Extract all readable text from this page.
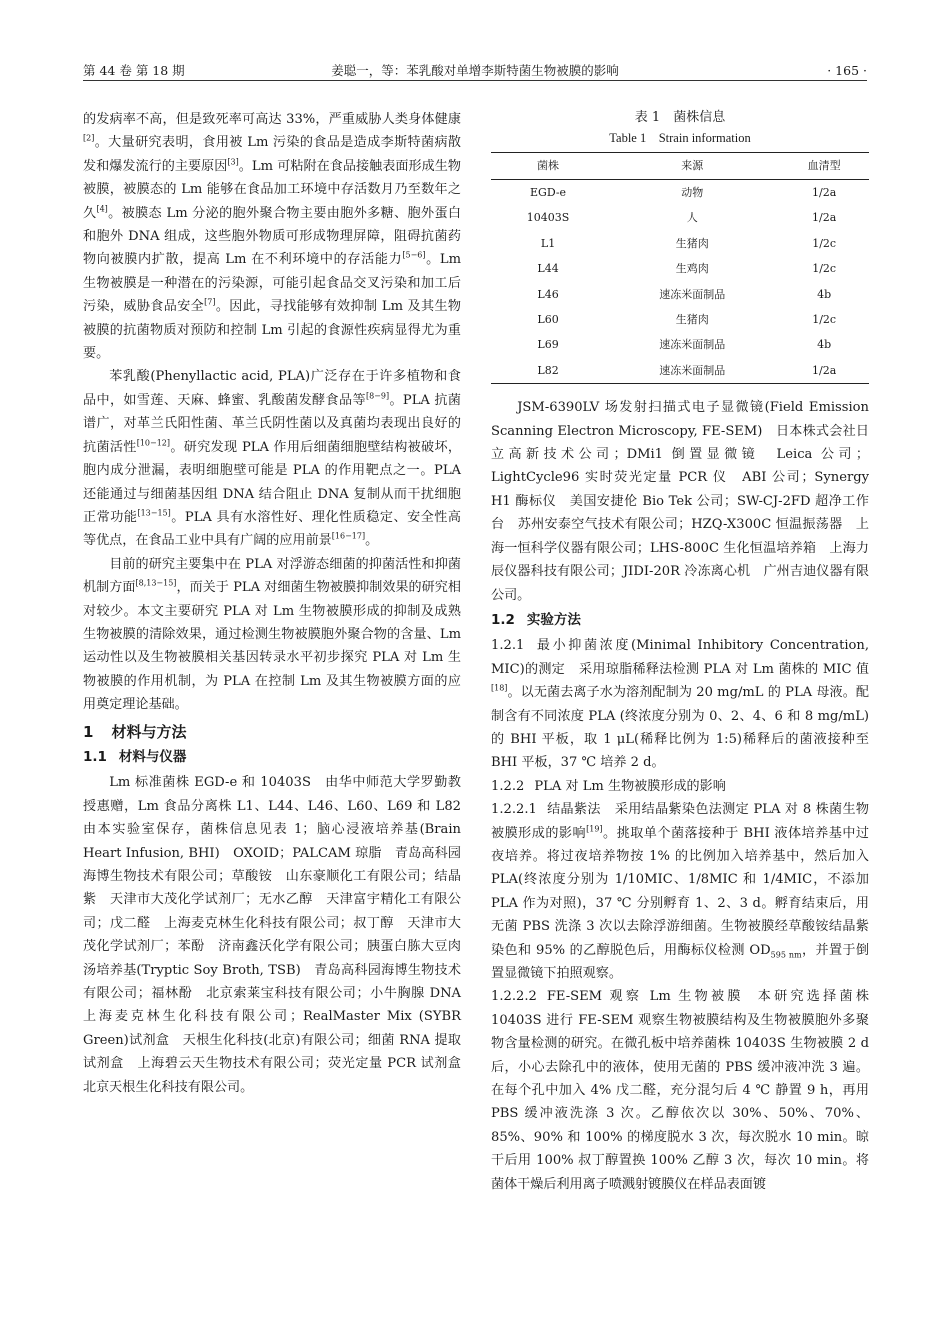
第 44 卷 第 18 期	姜聪一，等：苯乳酸对单增李斯特菌生物被膜的影响	· 165 ·

的发病率不高，但是致死率可高达 33%，严重威胁人类身体健康[2]。大量研究表明，食用被 Lm 污染的食品是造成李斯特菌病散发和爆发流行的主要原因[3]。Lm 可粘附在食品接触表面形成生物被膜，被膜态的 Lm 能够在食品加工环境中存活数月乃至数年之久[4]。被膜态 Lm 分泌的胞外聚合物主要由胞外多糖、胞外蛋白和胞外 DNA 组成，这些胞外物质可形成物理屏障，阻碍抗菌药物向被膜内扩散，提高 Lm 在不利环境中的存活能力[5−6]。Lm 生物被膜是一种潜在的污染源，可能引起食品交叉污染和加工后污染，威胁食品安全[7]。因此，寻找能够有效抑制 Lm 及其生物被膜的抗菌物质对预防和控制 Lm 引起的食源性疾病显得尤为重要。

苯乳酸(Phenyllactic acid, PLA)广泛存在于许多植物和食品中，如雪莲、天麻、蜂蜜、乳酸菌发酵食品等[8−9]。PLA 抗菌谱广，对革兰氏阳性菌、革兰氏阴性菌以及真菌均表现出良好的抗菌活性[10−12]。研究发现 PLA 作用后细菌细胞壁结构被破坏，胞内成分泄漏，表明细胞壁可能是 PLA 的作用靶点之一。PLA 还能通过与细菌基因组 DNA 结合阻止 DNA 复制从而干扰细胞正常功能[13−15]。PLA 具有水溶性好、理化性质稳定、安全性高等优点，在食品工业中具有广阔的应用前景[16−17]。

目前的研究主要集中在 PLA 对浮游态细菌的抑菌活性和抑菌机制方面[8,13−15]，而关于 PLA 对细菌生物被膜抑制效果的研究相对较少。本文主要研究 PLA 对 Lm 生物被膜形成的抑制及成熟生物被膜的清除效果，通过检测生物被膜胞外聚合物的含量、Lm 运动性以及生物被膜相关基因转录水平初步探究 PLA 对 Lm 生物被膜的作用机制，为 PLA 在控制 Lm 及其生物被膜方面的应用奠定理论基础。

1 材料与方法
1.1 材料与仪器

Lm 标准菌株 EGD-e 和 10403S　由华中师范大学罗勤教授惠赠，Lm 食品分离株 L1、L44、L46、L60、L69 和 L82 由本实验室保存，菌株信息见表 1；脑心浸液培养基(Brain Heart Infusion, BHI)　OXOID；PALCAM 琼脂　青岛高科园海博生物技术有限公司；草酸铵　山东豪顺化工有限公司；结晶紫　天津市大茂化学试剂厂；无水乙醇　天津富宇精化工有限公司；戊二醛　上海麦克林生化科技有限公司；叔丁醇　天津市大茂化学试剂厂；苯酚　济南鑫沃化学有限公司；胰蛋白胨大豆肉汤培养基(Tryptic Soy Broth, TSB)　青岛高科园海博生物技术有限公司；福林酚　北京索莱宝科技有限公司；小牛胸腺 DNA　上海麦克林生化科技有限公司；RealMaster Mix (SYBR Green)试剂盒　天根生化科技(北京)有限公司；细菌 RNA 提取试剂盒　上海碧云天生物技术有限公司；荧光定量 PCR 试剂盒　北京天根生化科技有限公司。

表 1　菌株信息
Table 1　Strain information
菌株	来源	血清型
EGD-e	动物	1/2a
10403S	人	1/2a
L1	生猪肉	1/2c
L44	生鸡肉	1/2c
L46	速冻米面制品	4b
L60	生猪肉	1/2c
L69	速冻米面制品	4b
L82	速冻米面制品	1/2a

JSM-6390LV 场发射扫描式电子显微镜(Field Emission Scanning Electron Microscopy, FE-SEM)　日本株式会社日立高新技术公司；DMi1 倒置显微镜　Leica 公司；LightCycle96 实时荧光定量 PCR 仪　ABI 公司；Synergy H1 酶标仪　美国安捷伦 Bio Tek 公司；SW-CJ-2FD 超净工作台　苏州安泰空气技术有限公司；HZQ-X300C 恒温振荡器　上海一恒科学仪器有限公司；LHS-800C 生化恒温培养箱　上海力辰仪器科技有限公司；JIDI-20R 冷冻离心机　广州吉迪仪器有限公司。

1.2 实验方法

1.2.1 最小抑菌浓度(Minimal Inhibitory Concentration, MIC)的测定 采用琼脂稀释法检测 PLA 对 Lm 菌株的 MIC 值[18]。以无菌去离子水为溶剂配制为 20 mg/mL 的 PLA 母液。配制含有不同浓度 PLA (终浓度分别为 0、2、4、6 和 8 mg/mL)的 BHI 平板，取 1 μL(稀释比例为 1:5)稀释后的菌液接种至 BHI 平板，37 ℃ 培养 2 d。

1.2.2 PLA 对 Lm 生物被膜形成的影响

1.2.2.1 结晶紫法 采用结晶紫染色法测定 PLA 对 8 株菌生物被膜形成的影响[19]。挑取单个菌落接种于 BHI 液体培养基中过夜培养。将过夜培养物按 1% 的比例加入培养基中，然后加入 PLA(终浓度分别为 1/10MIC、1/8MIC 和 1/4MIC，不添加 PLA 作为对照)，37 ℃ 分别孵育 1、2、3 d。孵育结束后，用无菌 PBS 洗涤 3 次以去除浮游细菌。生物被膜经草酸铵结晶紫染色和 95% 的乙醇脱色后，用酶标仪检测 $OD_{595 nm}$，并置于倒置显微镜下拍照观察。

1.2.2.2 FE-SEM 观察 Lm 生物被膜 本研究选择菌株 10403S 进行 FE-SEM 观察生物被膜结构及生物被膜胞外多聚物含量检测的研究。在微孔板中培养菌株 10403S 生物被膜 2 d 后，小心去除孔中的液体，使用无菌的 PBS 缓冲液冲洗 3 遍。在每个孔中加入 4% 戊二醛，充分混匀后 4 ℃ 静置 9 h，再用 PBS 缓冲液洗涤 3 次。乙醇依次以 30%、50%、70%、85%、90% 和 100% 的梯度脱水 3 次，每次脱水 10 min。晾干后用 100% 叔丁醇置换 100% 乙醇 3 次，每次 10 min。将菌体干燥后利用离子喷溅射镀膜仪在样品表面镀
